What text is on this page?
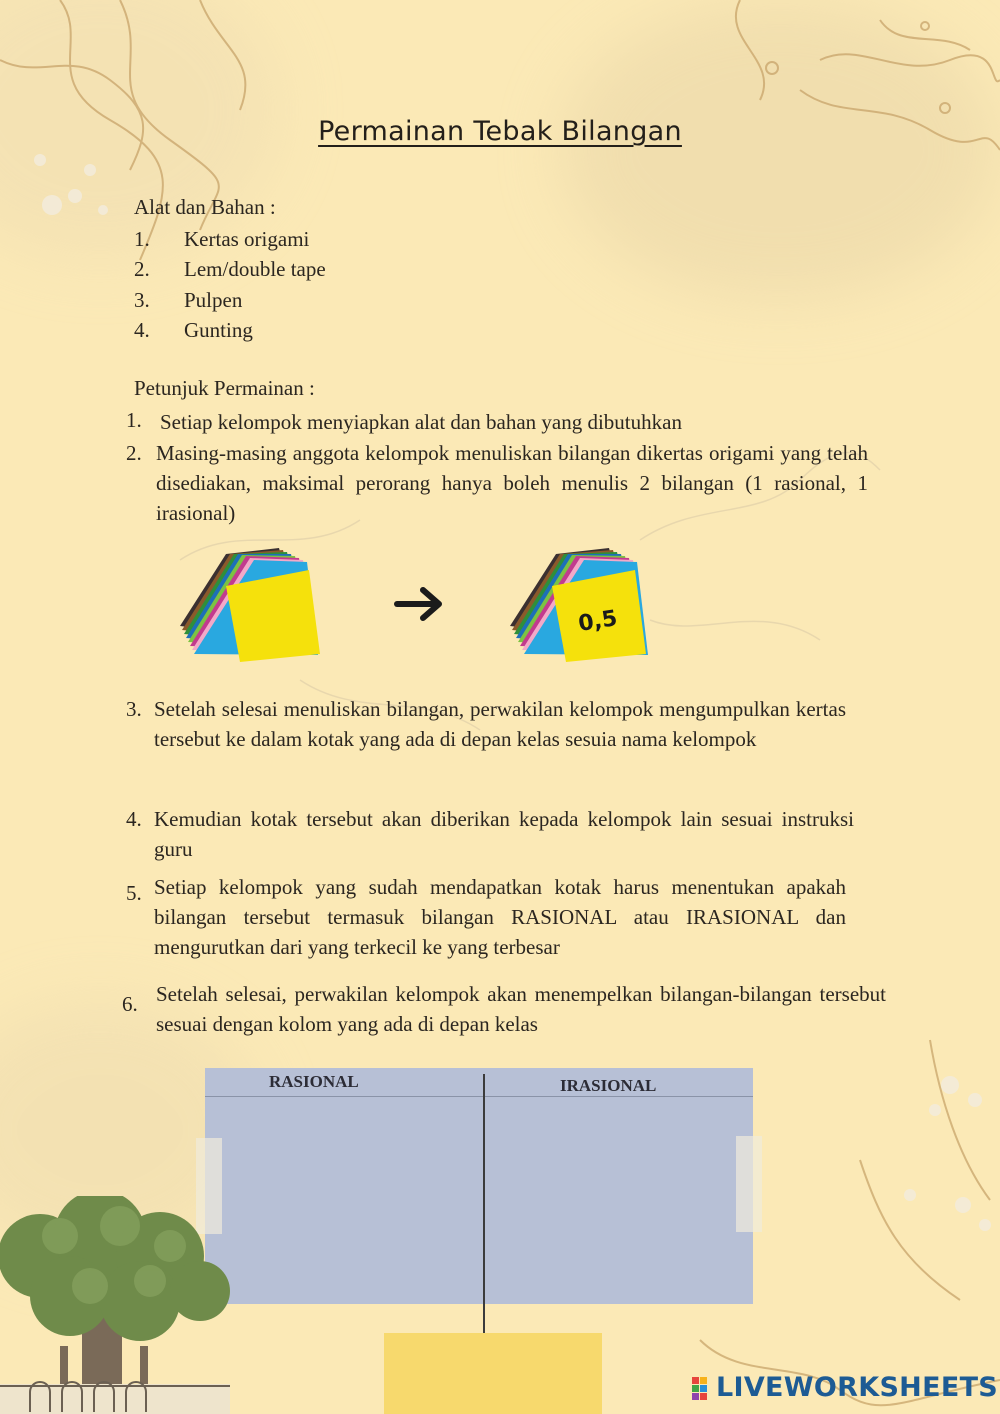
Permainan Tebak Bilangan
Alat dan Bahan :
1. Kertas origami
2. Lem/double tape
3. Pulpen
4. Gunting
Petunjuk Permainan :
1. Setiap kelompok menyiapkan alat dan bahan yang dibutuhkan
2. Masing-masing anggota kelompok menuliskan bilangan dikertas origami yang telah disediakan, maksimal perorang hanya boleh menulis 2 bilangan (1 rasional, 1 irasional)
0,5
3. Setelah selesai menuliskan bilangan, perwakilan kelompok mengumpulkan kertas tersebut ke dalam kotak yang ada di depan kelas sesuia nama kelompok
4. Kemudian kotak tersebut akan diberikan kepada kelompok lain sesuai instruksi guru
5. Setiap kelompok yang sudah mendapatkan kotak harus menentukan apakah bilangan tersebut termasuk bilangan RASIONAL atau IRASIONAL dan mengurutkan dari yang terkecil ke yang terbesar
6. Setelah selesai, perwakilan kelompok akan menempelkan bilangan-bilangan tersebut sesuai dengan kolom yang ada di depan kelas
RASIONAL	IRASIONAL
LIVEWORKSHEETS
